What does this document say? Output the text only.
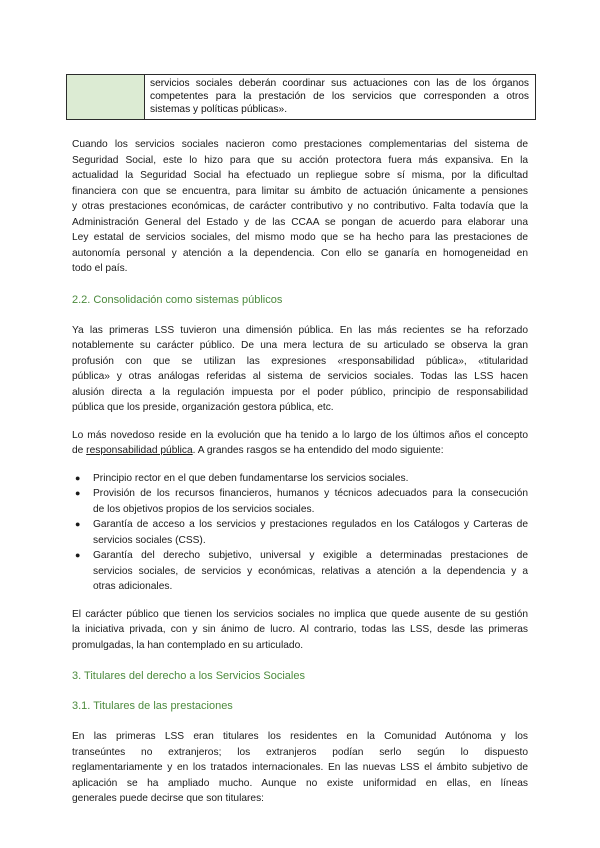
servicios sociales deberán coordinar sus actuaciones con las de los órganos
competentes para la prestación de los servicios que corresponden a otros
sistemas y políticas públicas».

Cuando los servicios sociales nacieron como prestaciones complementarias del sistema de
Seguridad Social, este lo hizo para que su acción protectora fuera más expansiva. En la
actualidad la Seguridad Social ha efectuado un repliegue sobre sí misma, por la dificultad
financiera con que se encuentra, para limitar su ámbito de actuación únicamente a pensiones
y otras prestaciones económicas, de carácter contributivo y no contributivo. Falta todavía que la
Administración General del Estado y de las CCAA se pongan de acuerdo para elaborar una
Ley estatal de servicios sociales, del mismo modo que se ha hecho para las prestaciones de
autonomía personal y atención a la dependencia. Con ello se ganaría en homogeneidad en
todo el país.

2.2. Consolidación como sistemas públicos

Ya las primeras LSS tuvieron una dimensión pública. En las más recientes se ha reforzado
notablemente su carácter público. De una mera lectura de su articulado se observa la gran
profusión con que se utilizan las expresiones «responsabilidad pública», «titularidad
pública» y otras análogas referidas al sistema de servicios sociales. Todas las LSS hacen
alusión directa a la regulación impuesta por el poder público, principio de responsabilidad
pública que los preside, organización gestora pública, etc.

Lo más novedoso reside en la evolución que ha tenido a lo largo de los últimos años el concepto
de responsabilidad pública. A grandes rasgos se ha entendido del modo siguiente:

● Principio rector en el que deben fundamentarse los servicios sociales.
● Provisión de los recursos financieros, humanos y técnicos adecuados para la consecución
de los objetivos propios de los servicios sociales.
● Garantía de acceso a los servicios y prestaciones regulados en los Catálogos y Carteras de
servicios sociales (CSS).
● Garantía del derecho subjetivo, universal y exigible a determinadas prestaciones de
servicios sociales, de servicios y económicas, relativas a atención a la dependencia y a
otras adicionales.

El carácter público que tienen los servicios sociales no implica que quede ausente de su gestión
la iniciativa privada, con y sin ánimo de lucro. Al contrario, todas las LSS, desde las primeras
promulgadas, la han contemplado en su articulado.

3. Titulares del derecho a los Servicios Sociales
3.1. Titulares de las prestaciones

En las primeras LSS eran titulares los residentes en la Comunidad Autónoma y los
transeúntes no extranjeros; los extranjeros podían serlo según lo dispuesto
reglamentariamente y en los tratados internacionales. En las nuevas LSS el ámbito subjetivo de
aplicación se ha ampliado mucho. Aunque no existe uniformidad en ellas, en líneas
generales puede decirse que son titulares:
